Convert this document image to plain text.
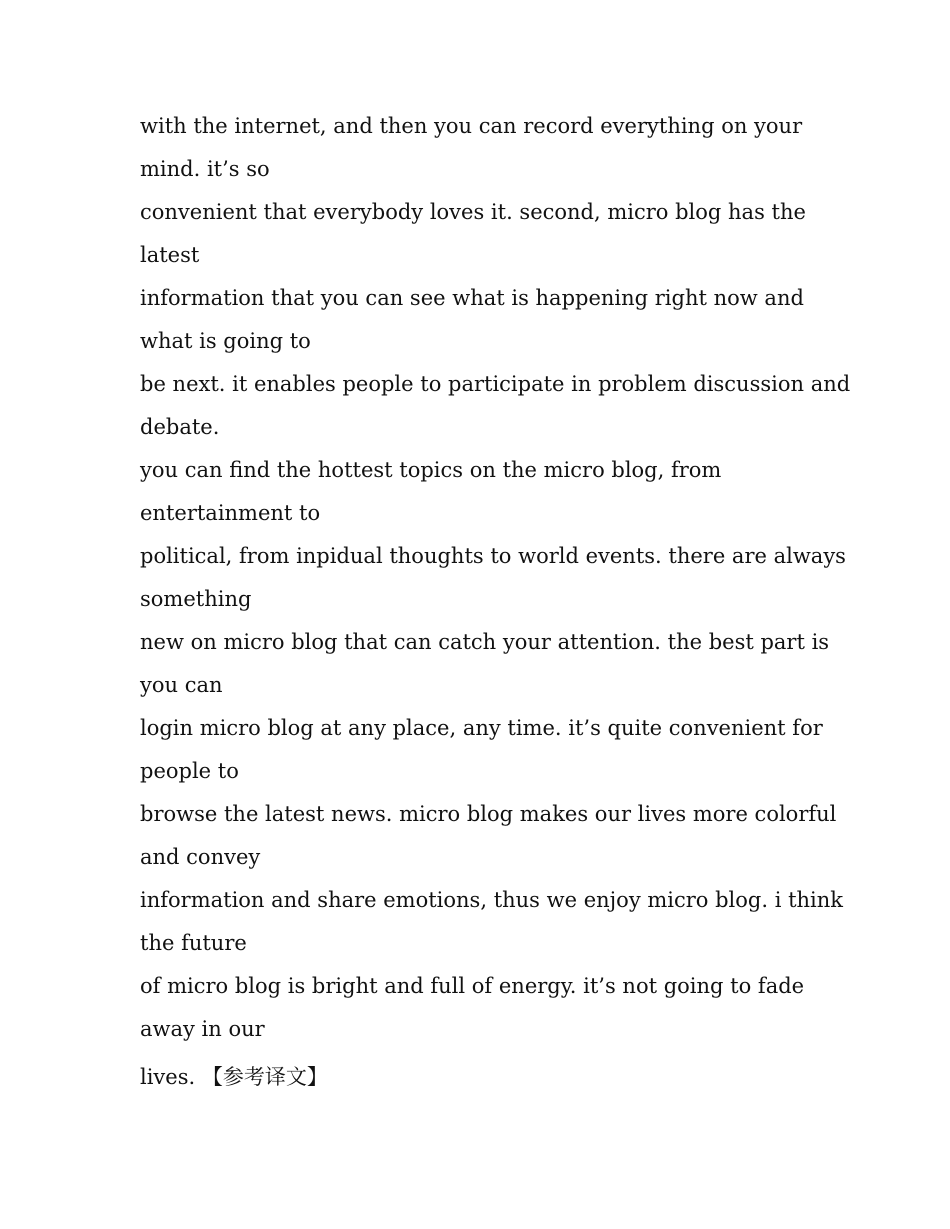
with the internet, and then you can record everything on your
mind. it’s so
convenient that everybody loves it. second, micro blog has the
latest
information that you can see what is happening right now and
what is going to
be next. it enables people to participate in problem discussion and
debate.
you can find the hottest topics on the micro blog, from
entertainment to
political, from inpidual thoughts to world events. there are always
something
new on micro blog that can catch your attention. the best part is
you can
login micro blog at any place, any time. it’s quite convenient for
people to
browse the latest news. micro blog makes our lives more colorful
and convey
information and share emotions, thus we enjoy micro blog. i think
the future
of micro blog is bright and full of energy. it’s not going to fade
away in our
lives. 【参考译文】
